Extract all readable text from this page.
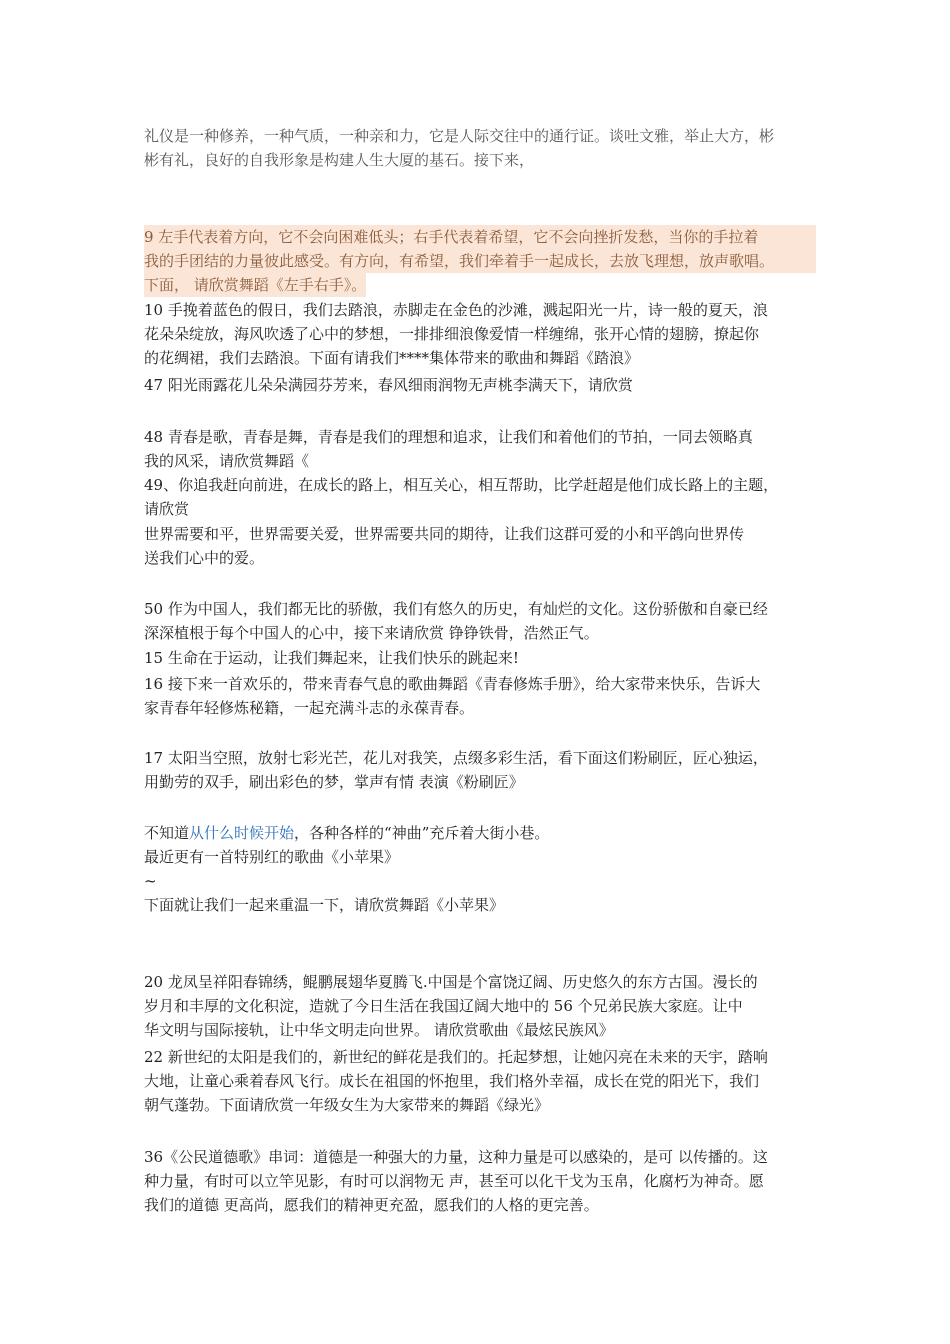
礼仪是一种修养，一种气质，一种亲和力，它是人际交往中的通行证。谈吐文雅，举止大方，彬
彬有礼，良好的自我形象是构建人生大厦的基石。接下来，
9 左手代表着方向，它不会向困难低头；右手代表着希望，它不会向挫折发愁，当你的手拉着
我的手团结的力量彼此感受。有方向，有希望，我们牵着手一起成长，去放飞理想，放声歌唱。
下面， 请欣赏舞蹈《左手右手》。
10 手挽着蓝色的假日，我们去踏浪，赤脚走在金色的沙滩，溅起阳光一片，诗一般的夏天，浪
花朵朵绽放，海风吹透了心中的梦想，一排排细浪像爱情一样缠绵，张开心情的翅膀，撩起你
的花绸裙，我们去踏浪。下面有请我们****集体带来的歌曲和舞蹈《踏浪》
47 阳光雨露花儿朵朵满园芬芳来，春风细雨润物无声桃李满天下，请欣赏
48 青春是歌，青春是舞，青春是我们的理想和追求，让我们和着他们的节拍，一同去领略真
我的风采，请欣赏舞蹈《
49、你追我赶向前进，在成长的路上，相互关心，相互帮助，比学赶超是他们成长路上的主题，
请欣赏
世界需要和平，世界需要关爱，世界需要共同的期待，让我们这群可爱的小和平鸽向世界传
送我们心中的爱。
50 作为中国人，我们都无比的骄傲，我们有悠久的历史，有灿烂的文化。这份骄傲和自豪已经
深深植根于每个中国人的心中，接下来请欣赏 铮铮铁骨，浩然正气。
15 生命在于运动，让我们舞起来，让我们快乐的跳起来!
16 接下来一首欢乐的，带来青春气息的歌曲舞蹈《青春修炼手册》，给大家带来快乐，告诉大
家青春年轻修炼秘籍，一起充满斗志的永葆青春。
17 太阳当空照，放射七彩光芒，花儿对我笑，点缀多彩生活，看下面这们粉刷匠，匠心独运，
用勤劳的双手，刷出彩色的梦，掌声有情 表演《粉刷匠》
不知道从什么时候开始，各种各样的“神曲”充斥着大街小巷。
最近更有一首特别红的歌曲《小苹果》
~
下面就让我们一起来重温一下，请欣赏舞蹈《小苹果》
20 龙凤呈祥阳春锦绣，鲲鹏展翅华夏腾飞.中国是个富饶辽阔、历史悠久的东方古国。漫长的
岁月和丰厚的文化积淀，造就了今日生活在我国辽阔大地中的 56 个兄弟民族大家庭。让中
华文明与国际接轨，让中华文明走向世界。 请欣赏歌曲《最炫民族风》
22 新世纪的太阳是我们的，新世纪的鲜花是我们的。托起梦想，让她闪亮在未来的天宇，踏响
大地，让童心乘着春风飞行。成长在祖国的怀抱里，我们格外幸福，成长在党的阳光下，我们
朝气蓬勃。下面请欣赏一年级女生为大家带来的舞蹈《绿光》
36《公民道德歌》串词：道德是一种强大的力量，这种力量是可以感染的，是可 以传播的。这
种力量，有时可以立竿见影，有时可以润物无 声，甚至可以化干戈为玉帛，化腐朽为神奇。愿
我们的道德 更高尚，愿我们的精神更充盈，愿我们的人格的更完善。
